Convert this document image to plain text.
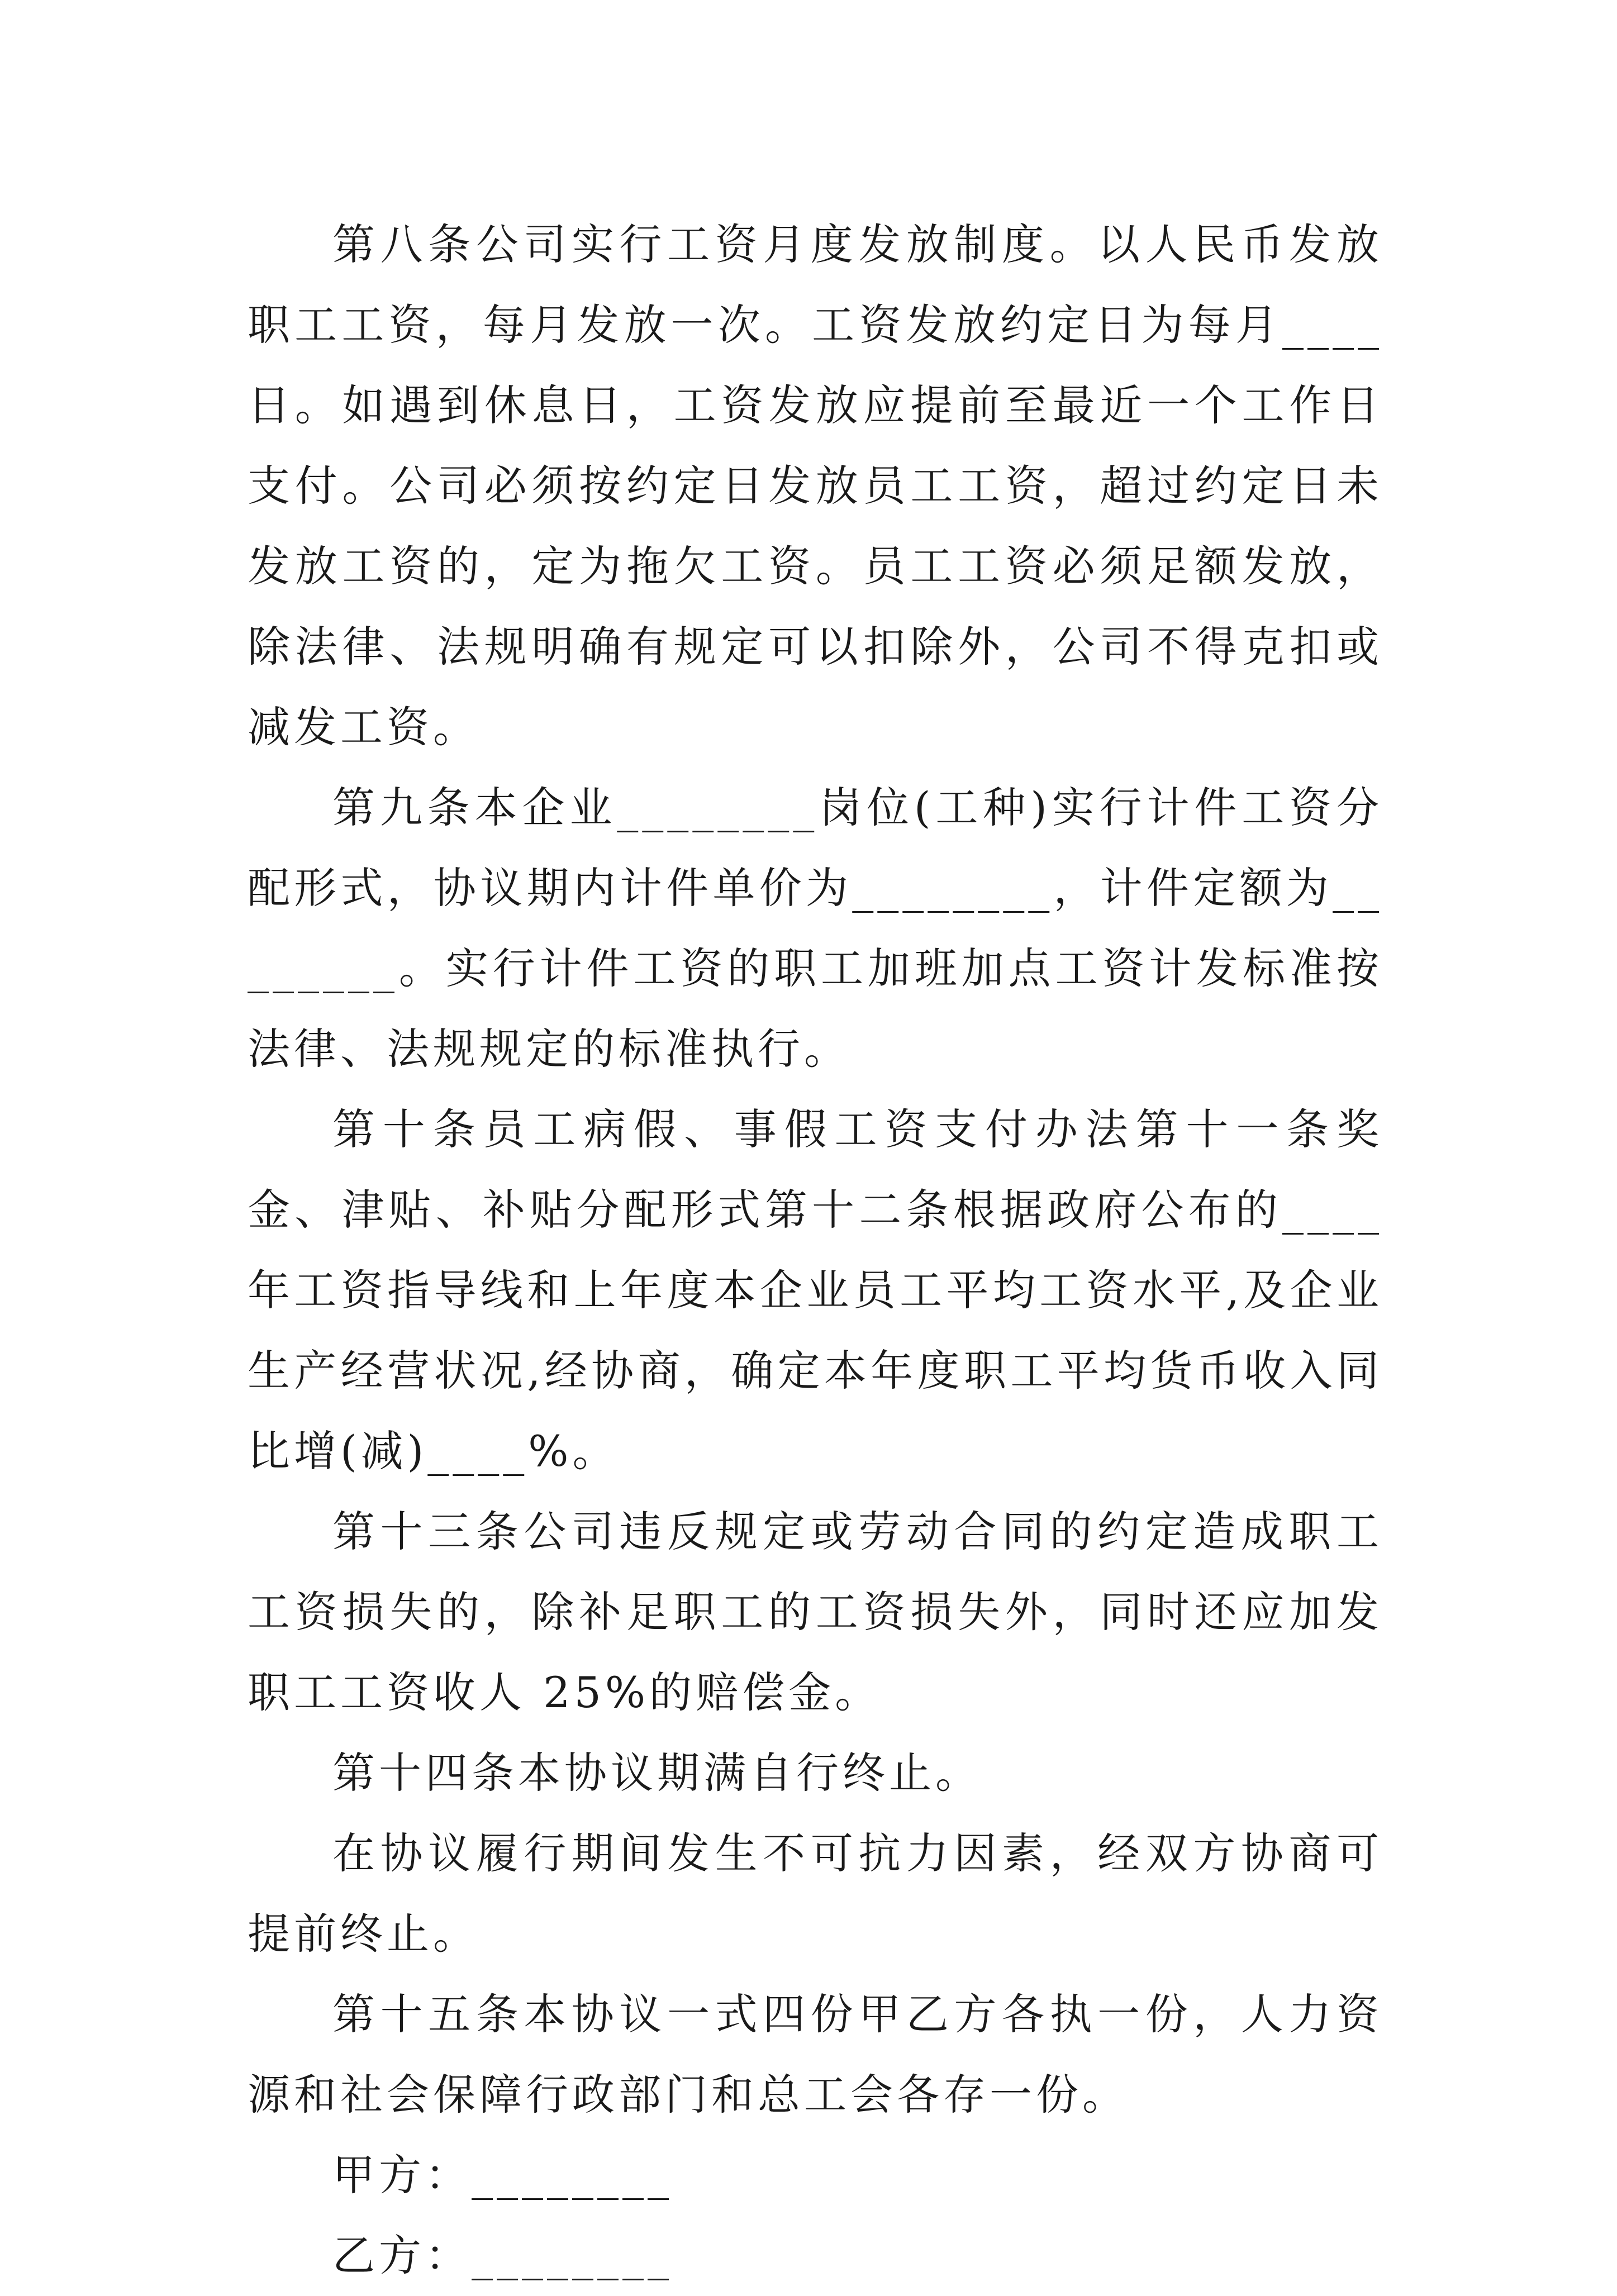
第八条公司实行工资月度发放制度。以人民币发放职工工资，每月发放一次。工资发放约定日为每月____日。如遇到休息日，工资发放应提前至最近一个工作日支付。公司必须按约定日发放员工工资，超过约定日未发放工资的，定为拖欠工资。员工工资必须足额发放，除法律、法规明确有规定可以扣除外，公司不得克扣或减发工资。

第九条本企业________岗位(工种)实行计件工资分配形式，协议期内计件单价为________，计件定额为________。实行计件工资的职工加班加点工资计发标准按法律、法规规定的标准执行。

第十条员工病假、事假工资支付办法第十一条奖金、津贴、补贴分配形式第十二条根据政府公布的____年工资指导线和上年度本企业员工平均工资水平,及企业生产经营状况,经协商，确定本年度职工平均货币收入同比增(减)____%。

第十三条公司违反规定或劳动合同的约定造成职工工资损失的，除补足职工的工资损失外，同时还应加发职工工资收人 25%的赔偿金。

第十四条本协议期满自行终止。

在协议履行期间发生不可抗力因素，经双方协商可提前终止。

第十五条本协议一式四份甲乙方各执一份，人力资源和社会保障行政部门和总工会各存一份。

甲方：________

乙方：________
